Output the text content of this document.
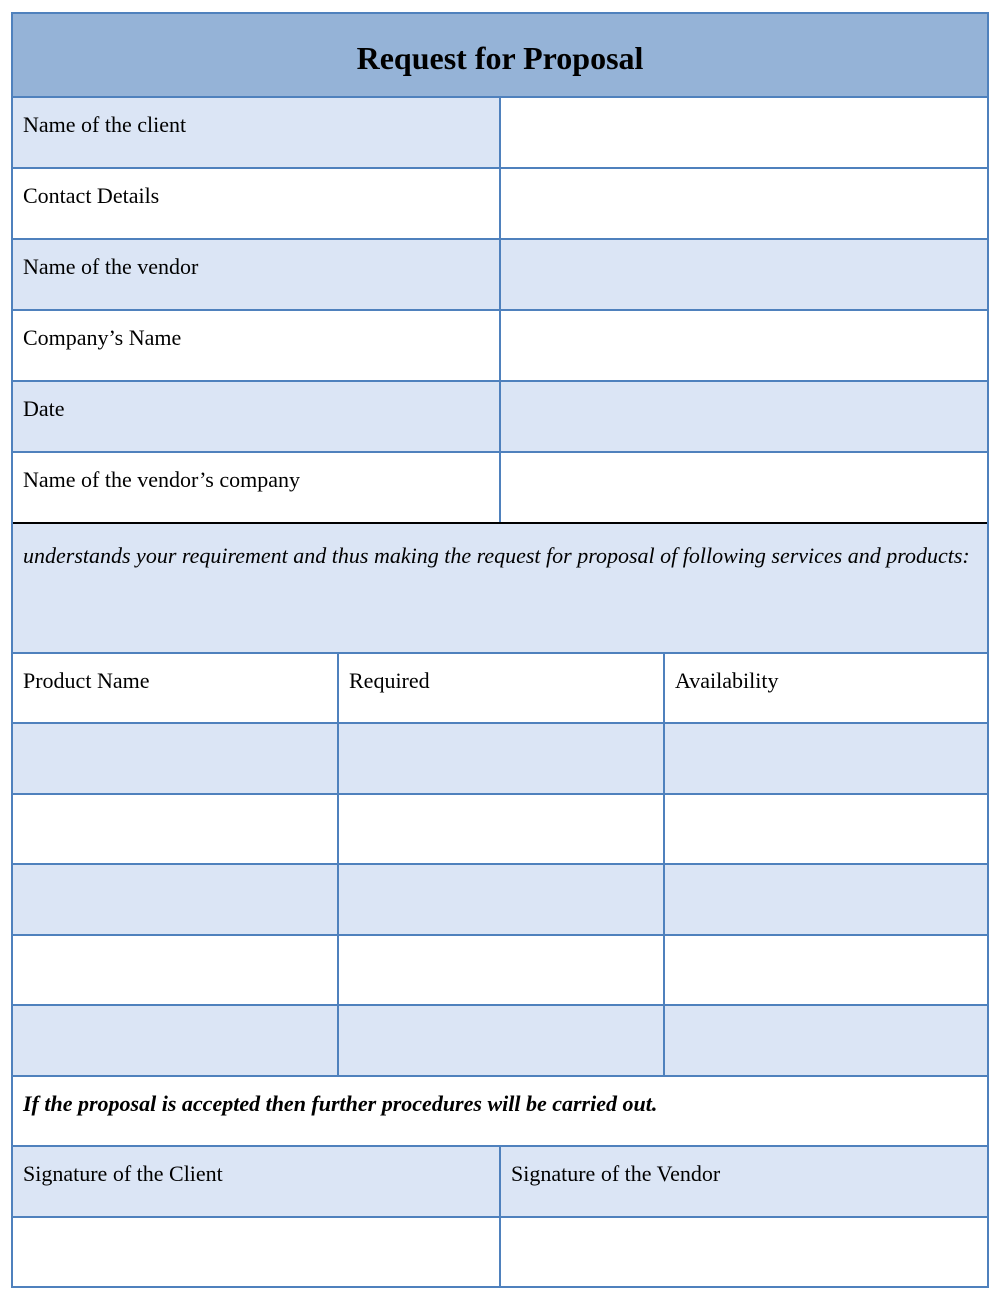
Request for Proposal
Name of the client
Contact Details
Name of the vendor
Company’s Name
Date
Name of the vendor’s company
understands your requirement and thus making the request for proposal of following services and products:
Product Name	Required	Availability
If the proposal is accepted then further procedures will be carried out.
Signature of the Client	Signature of the Vendor
